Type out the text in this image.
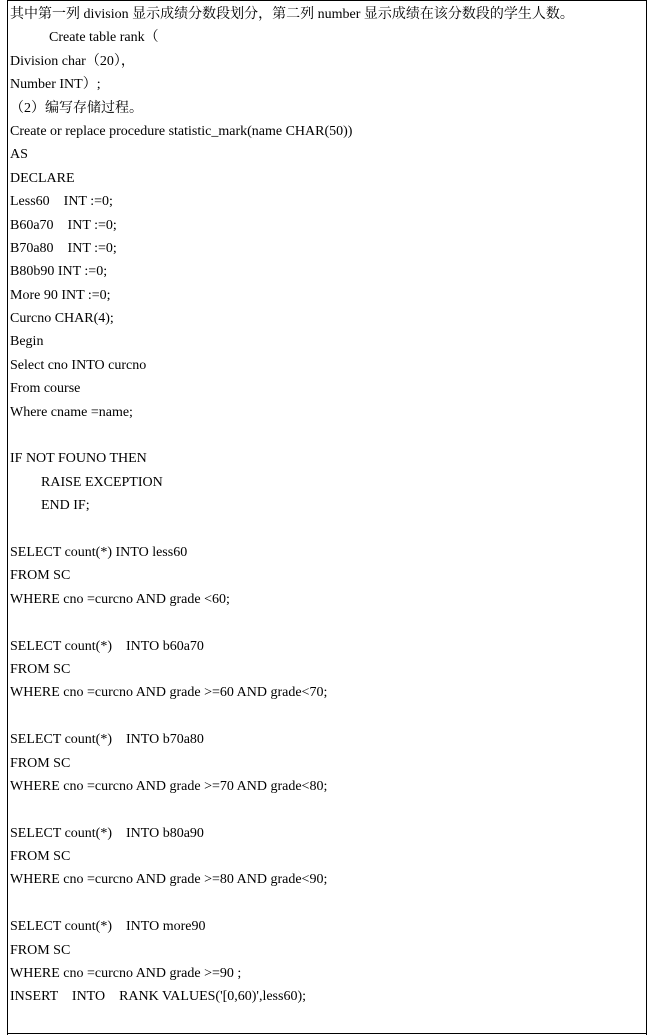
其中第一列 division 显示成绩分数段划分，第二列 number 显示成绩在该分数段的学生人数。
Create table rank（
Division char（20），
Number INT）;
（2）编写存储过程。
Create or replace procedure statistic_mark(name CHAR(50))
AS
DECLARE
Less60    INT :=0;
B60a70    INT :=0;
B70a80    INT :=0;
B80b90 INT :=0;
More 90 INT :=0;
Curcno CHAR(4);
Begin
Select cno INTO curcno
From course
Where cname =name;
IF NOT FOUNO THEN
RAISE EXCEPTION
END IF;
SELECT count(*) INTO less60
FROM SC
WHERE cno =curcno AND grade <60;
SELECT count(*)    INTO b60a70
FROM SC
WHERE cno =curcno AND grade >=60 AND grade<70;
SELECT count(*)    INTO b70a80
FROM SC
WHERE cno =curcno AND grade >=70 AND grade<80;
SELECT count(*)    INTO b80a90
FROM SC
WHERE cno =curcno AND grade >=80 AND grade<90;
SELECT count(*)    INTO more90
FROM SC
WHERE cno =curcno AND grade >=90 ;
INSERT    INTO    RANK VALUES('[0,60)',less60);
